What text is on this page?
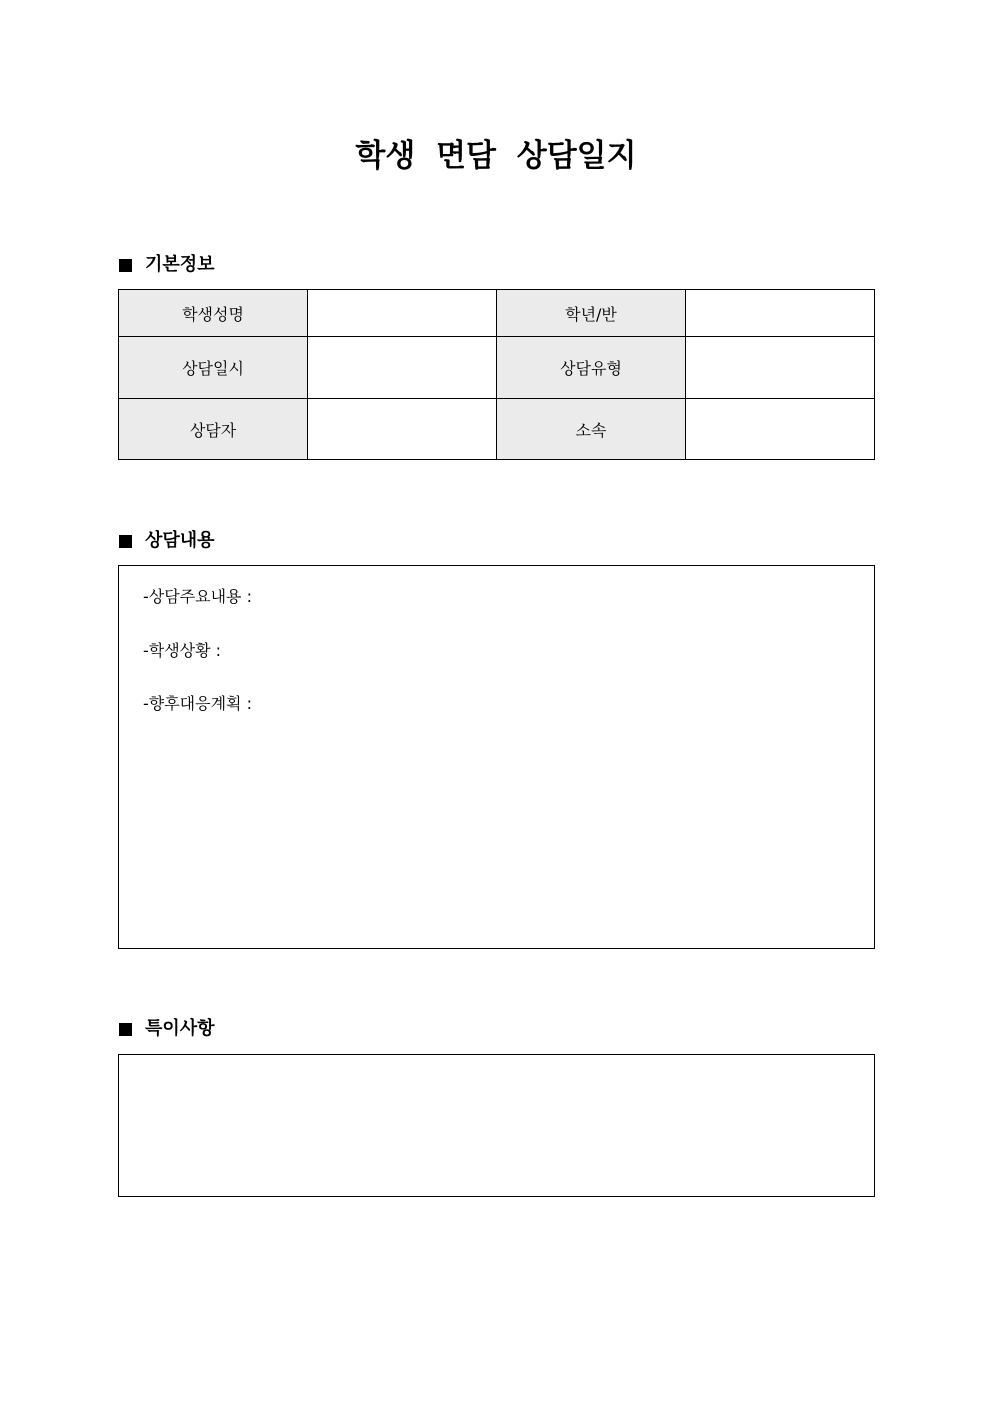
학생 면담 상담일지
기본정보
학생성명		학년/반	
상담일시		상담유형	
상담자		소속	
상담내용
-상담주요내용 :
-학생상황 :
-향후대응계획 :
특이사항
